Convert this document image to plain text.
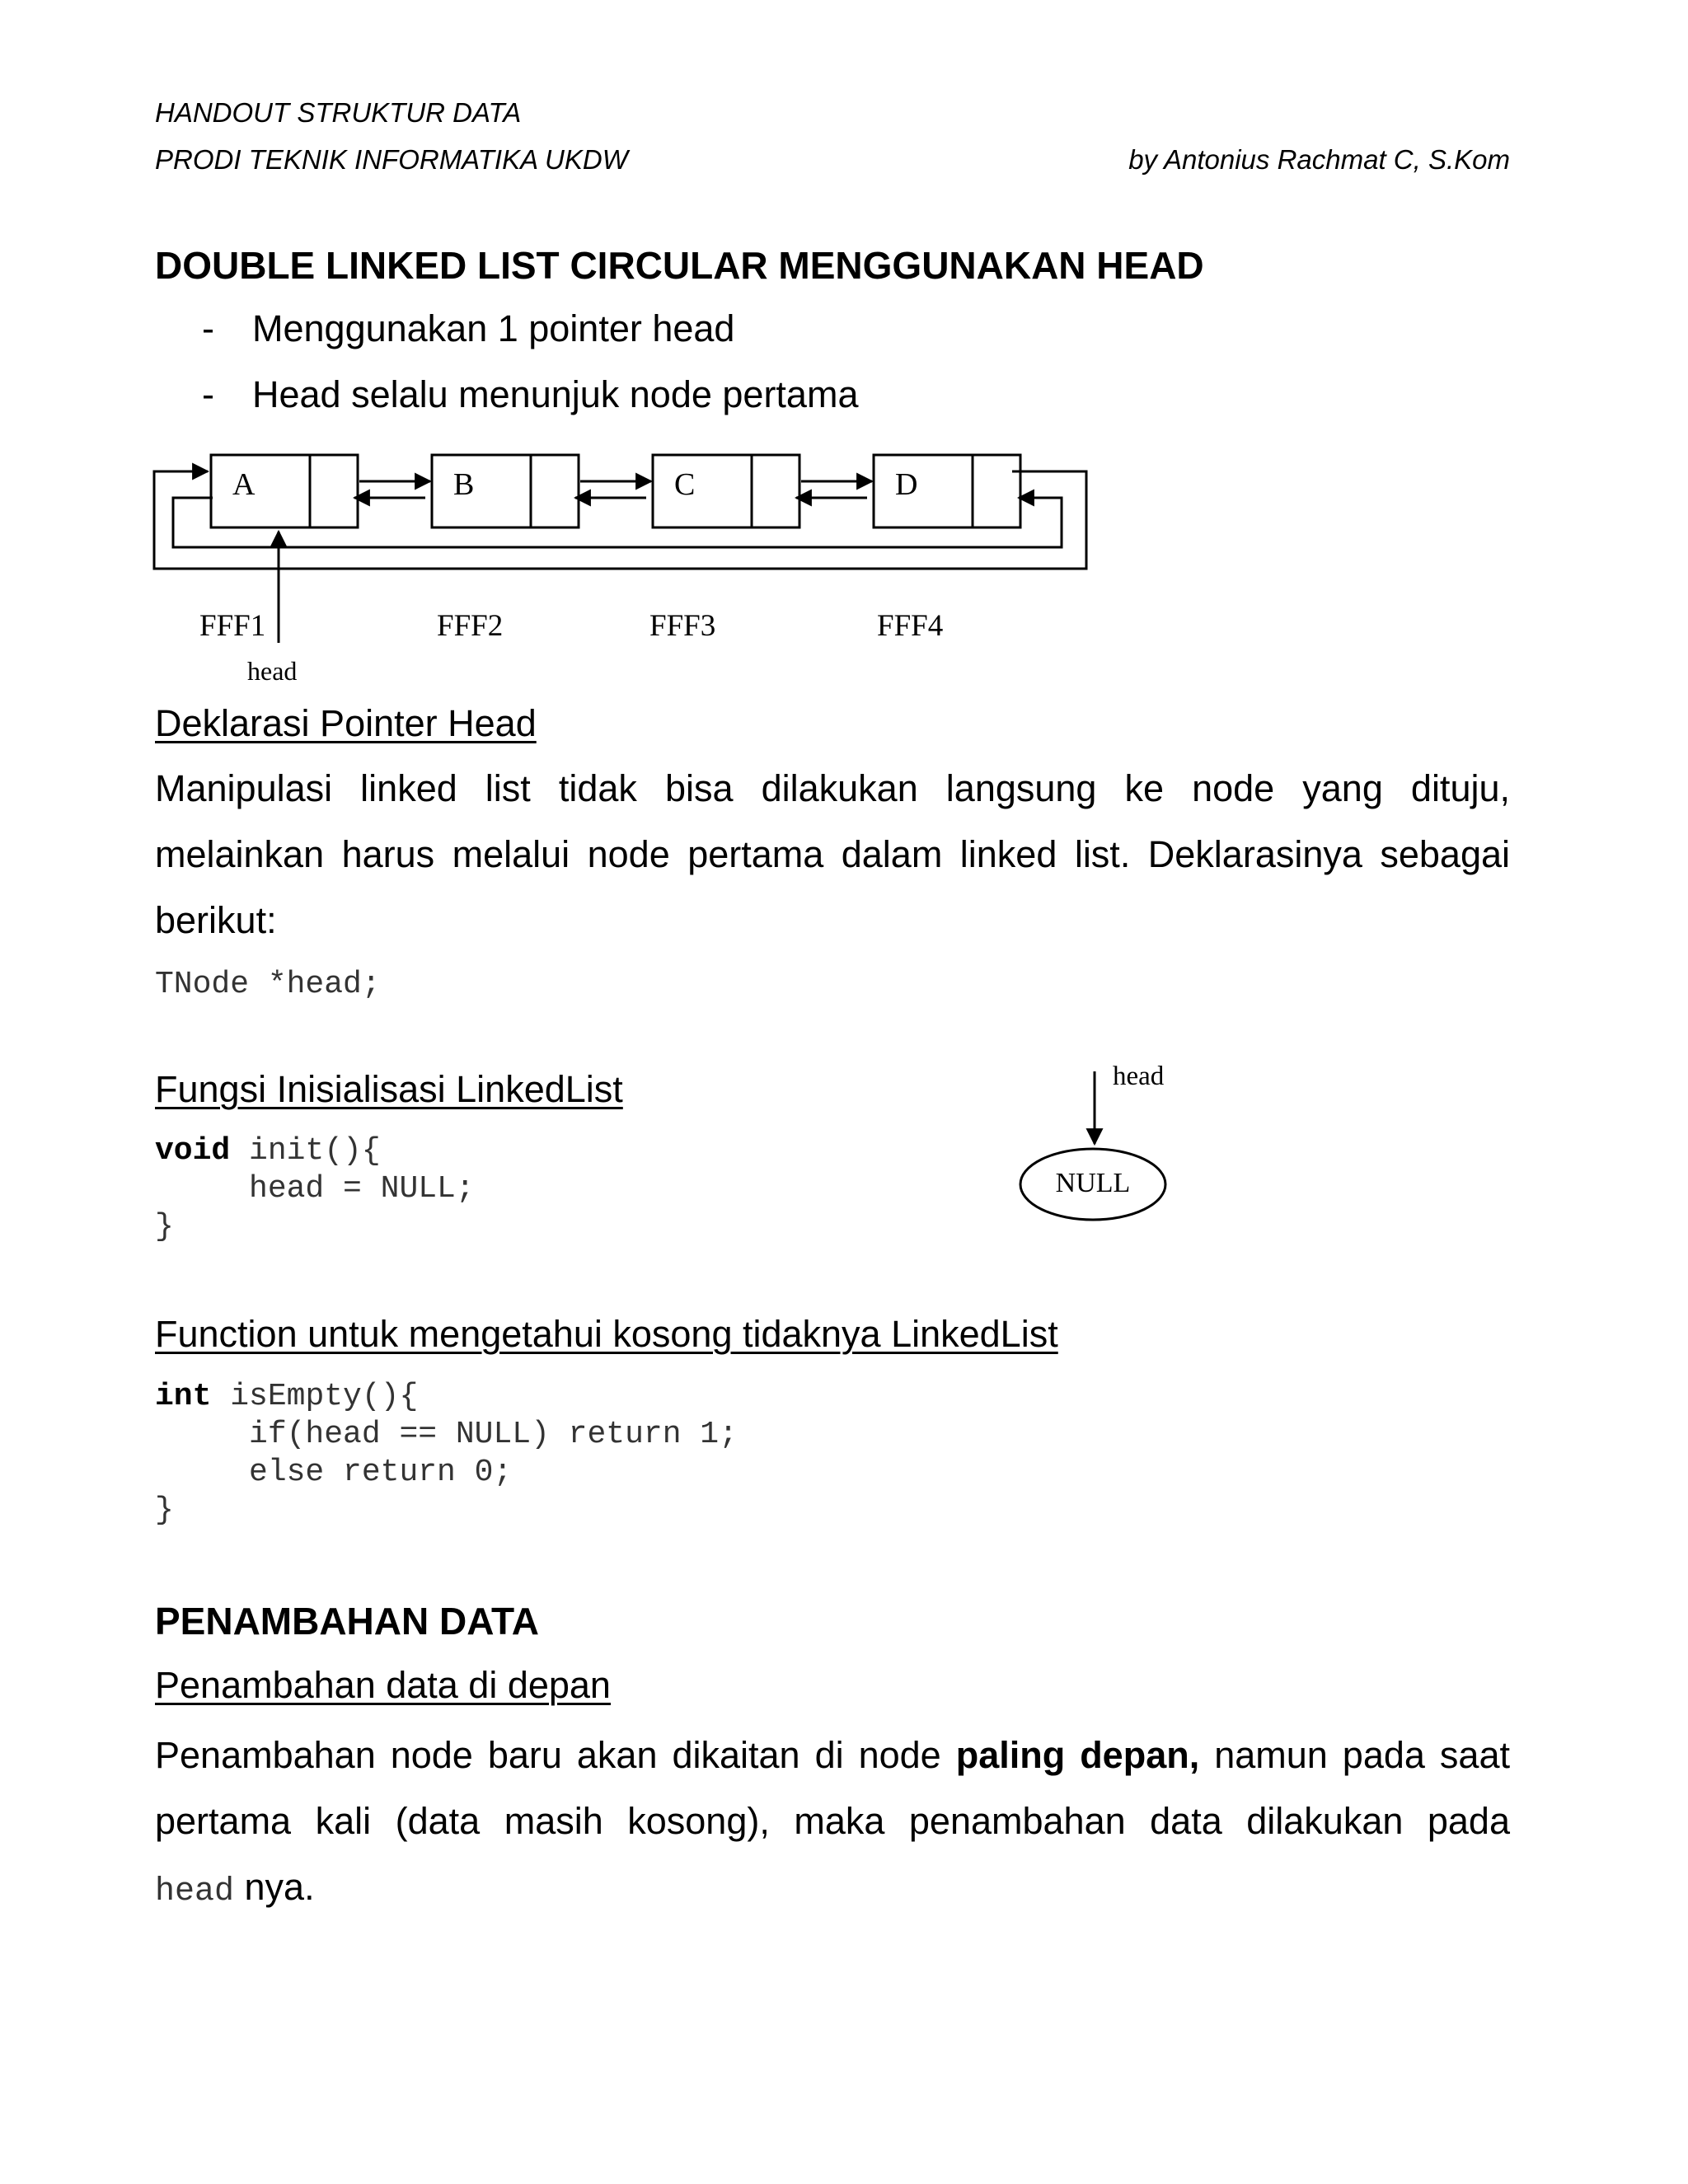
HANDOUT STRUKTUR DATA
PRODI TEKNIK INFORMATIKA UKDW	by Antonius Rachmat C, S.Kom
DOUBLE LINKED LIST CIRCULAR MENGGUNAKAN HEAD
- Menggunakan 1 pointer head
- Head selalu menunjuk node pertama
A	B	C	D
FFF1	FFF2	FFF3	FFF4
head
Deklarasi Pointer Head
Manipulasi linked list tidak bisa dilakukan langsung ke node yang dituju,
melainkan harus melalui node pertama dalam linked list. Deklarasinya sebagai
berikut:
TNode *head;
Fungsi Inisialisasi LinkedList
void init(){
head = NULL;
}
head
NULL
Function untuk mengetahui kosong tidaknya LinkedList
int isEmpty(){
if(head == NULL) return 1;
else return 0;
}
PENAMBAHAN DATA
Penambahan data di depan
Penambahan node baru akan dikaitan di node paling depan, namun pada saat
pertama kali (data masih kosong), maka penambahan data dilakukan pada
head nya.
